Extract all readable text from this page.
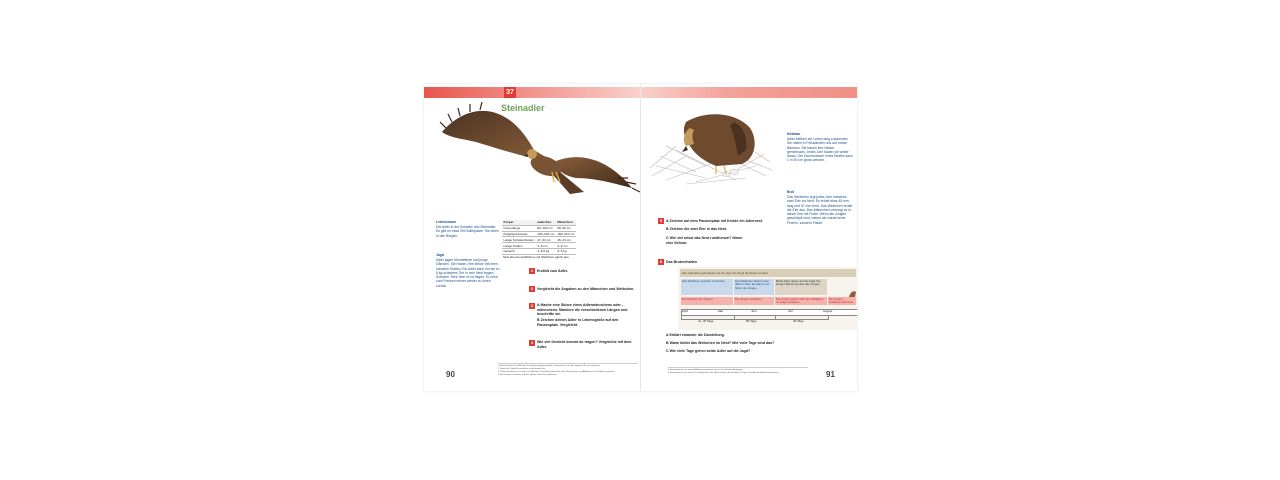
37
Steinadler
Lebensraum
Die Adler in der Schweiz und Steinadler. Es gibt es etwa 300 Adlerpaare. Sie leben in den Bergen.
Jagd
Adler jagen Murmeltiere und junge Gämsen. Sie Hasen. Ihre Beute mit ihren scharfen Krallen. Ein Adler kann ein bis zu 5 kg schweres Tier in sein Nest tragen. Schwere Tiere über er tot liegen. Er kehrt zum Fressen immer wieder zu ihnen zurück.
Körper	weibchen	Männchen
Körperlänge	80–100 cm	80–90 cm
Flügelspannweite	190–230 cm	180–210 cm
Länge Schwanzfedern	27–33 cm	26–31 cm
Länge Krallen	4–6 cm	4–5 cm
Gewicht	4–6,5 kg	3–5 kg
Sind ebenso weibliches und Weibchen gleich aus.
1	Erzählt zum Adler.
2	Vergleicht die Angaben zu den Männchen und Weibchen.
3	A Mache eine Skizze eines Adlermännchens oder -männchens. Markiere die verschiedenen Längen und beschrifte sie.
B Zeichne deinen Adler in Lebensgröße auf den Pausenplatz. Vergleicht.
4	Wie viel Gewicht kommt du tragen? Vergleiche mit dem Adler.
90
1 Informationen aus Bild und Text Eigenständig handeln, interpretieren, mit der eigenen Wissen ergänzen
2 Daten der Tabelle konstatieren und vergleichen
3 Größenverhältnisse in einer schriftlichen Darstellung darstellen, ihre Proportionen zur Abbildung in Verhältnis ergänzen
4 Ein Gewicht schätzen und das eigene Gewicht vergleichen
Nestbau
Adler bleiben ein Leben lang zusammen. Sie nisten in Felswänden und auf hohen Bäumen. Sie bauen ihre Nester gemeinsam. Jedes Jahr bauen sie weiter daran. Der Durchmesser eines Nestes kann 1 m 50 cm gross werden.
Brut
Das Weibchen legt jedes Jahr meistens zwei Eier ins Nest. Es brütet etwa 45 mm lang und 57 mm breit. Das Weibchen brütet die Eier aus. Das Männchen versorgt es in dieser Zeit mit Futter. Wenn die Jungen geschlüpft sind, haben sie zuerst keine Federn, sondern Flaum.
5	A Zeichne auf dem Pausenplatz mit Kreide ein Adlernest.
B Zeichne die zwei Eier in das Nest.
C Wie viel misst das Nest rundherum? Nimm eine Schnur.
6	Das Brutverhalten
Das männliche geht alleine auf die Jagd. Es bringt die Beute ins Nest.
Das Weibchen legt Eier und brütet.	Das Weibchen bleibt immer dicht in Nest. Es wärmt und füttert die Jungen.
Beide Adler gehen auf die Jagd. Sie bringen Beute ins Nest des Jungen.
Es schlüpfen die Jungen.	Die Jungen schlüpfen.	Die Jungen stehen sich am häufigsten zu lange verlassen.
Die jungen verlassen das Nest.
April	Mai	Juni	Juli	August
ca. 45 Tage	80 Tage	40 Tage
A Erklärt einander die Darstellung.
B Wann bleibt das Weibchen im Nest? Wie viele Tage sind das?
C Wie viele Tage gehen beide Adler auf die Jagd?
5 Informationen aus einem Bildtext entnehmen und in eine Skizze übertragen
6 Informationen aus einer Darstellung über das Brutverhalten und zeitliche Fragen zum Brutverhalten beantworten	91
